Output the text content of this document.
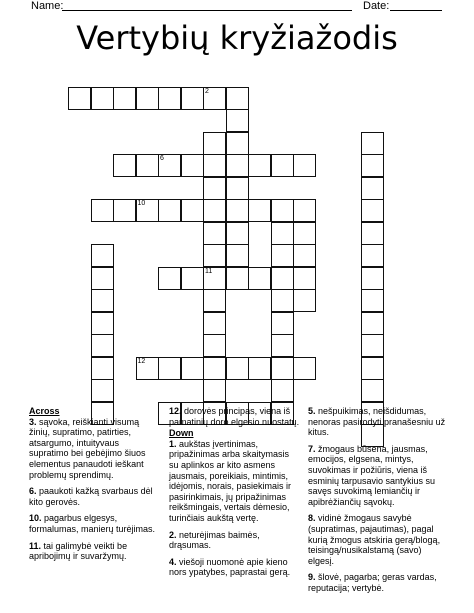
Name:	Date:
Vertybių kryžiažodis
2
6
10
11
12
Across

3. sąvoka, reiškianti visumą žinių, supratimo, patirties, atsargumo, intuityvaus supratimo bei gebėjimo šiuos elementus panaudoti ieškant problemų sprendimų.

6. paaukoti kažką svarbaus dėl kito gerovės.

10. pagarbus elgesys, formalumas, manierų turėjimas.

11. tai galimybė veikti be apribojimų ir suvaržymų.

12. dorovės principas, viena iš pamatinių doro elgesio nuostatų.

Down

1. aukštas įvertinimas, pripažinimas arba skaitymasis su aplinkos ar kito asmens jausmais, poreikiais, mintimis, idėjomis, norais, pasiekimais ir pasirinkimais, jų pripažinimas reikšmingais, vertais dėmesio, turinčiais aukštą vertę.

2. neturėjimas baimės, drąsumas.

4. viešoji nuomonė apie kieno nors ypatybes, paprastai gerą.

5. nešpuikimas, neišdidumas, nenoras pasirodyti pranašesniu už kitus.

7. žmogaus būsena, jausmas, emocijos, elgsena, mintys, suvokimas ir požiūris, viena iš esminių tarpusavio santykius su savęs suvokimą lemiančių ir apibrėžiančių sąvokų.

8. vidinė žmogaus savybė (supratimas, pajautimas), pagal kurią žmogus atskiria gerą/blogą, teisingą/nusikalstamą (savo) elgesį.

9. šlovė, pagarba; geras vardas, reputacija; vertybė.
